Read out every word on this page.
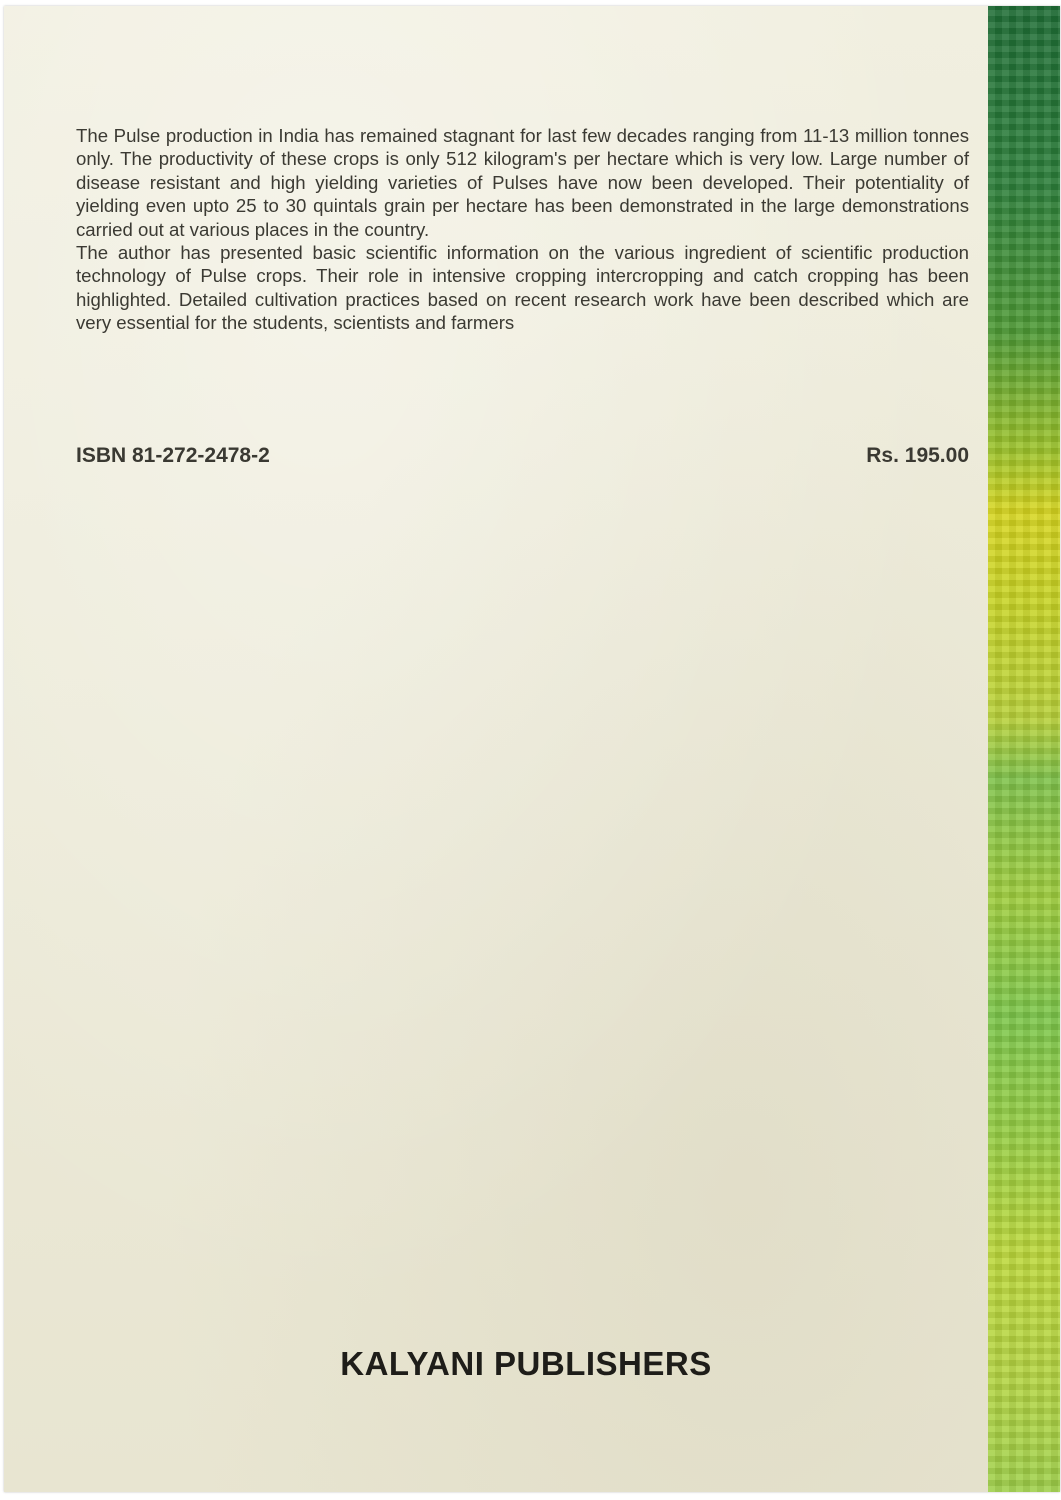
The Pulse production in India has remained stagnant for last few decades ranging from 11-13 million tonnes only. The productivity of these crops is only 512 kilogram's per hectare which is very low. Large number of disease resistant and high yielding varieties of Pulses have now been developed. Their potentiality of yielding even upto 25 to 30 quintals grain per hectare has been demonstrated in the large demonstrations carried out at various places in the country.

The author has presented basic scientific information on the various ingredient of scientific production technology of Pulse crops. Their role in intensive cropping intercropping and catch cropping has been highlighted. Detailed cultivation practices based on recent research work have been described which are very essential for the students, scientists and farmers

ISBN 81-272-2478-2	Rs. 195.00
KALYANI PUBLISHERS
